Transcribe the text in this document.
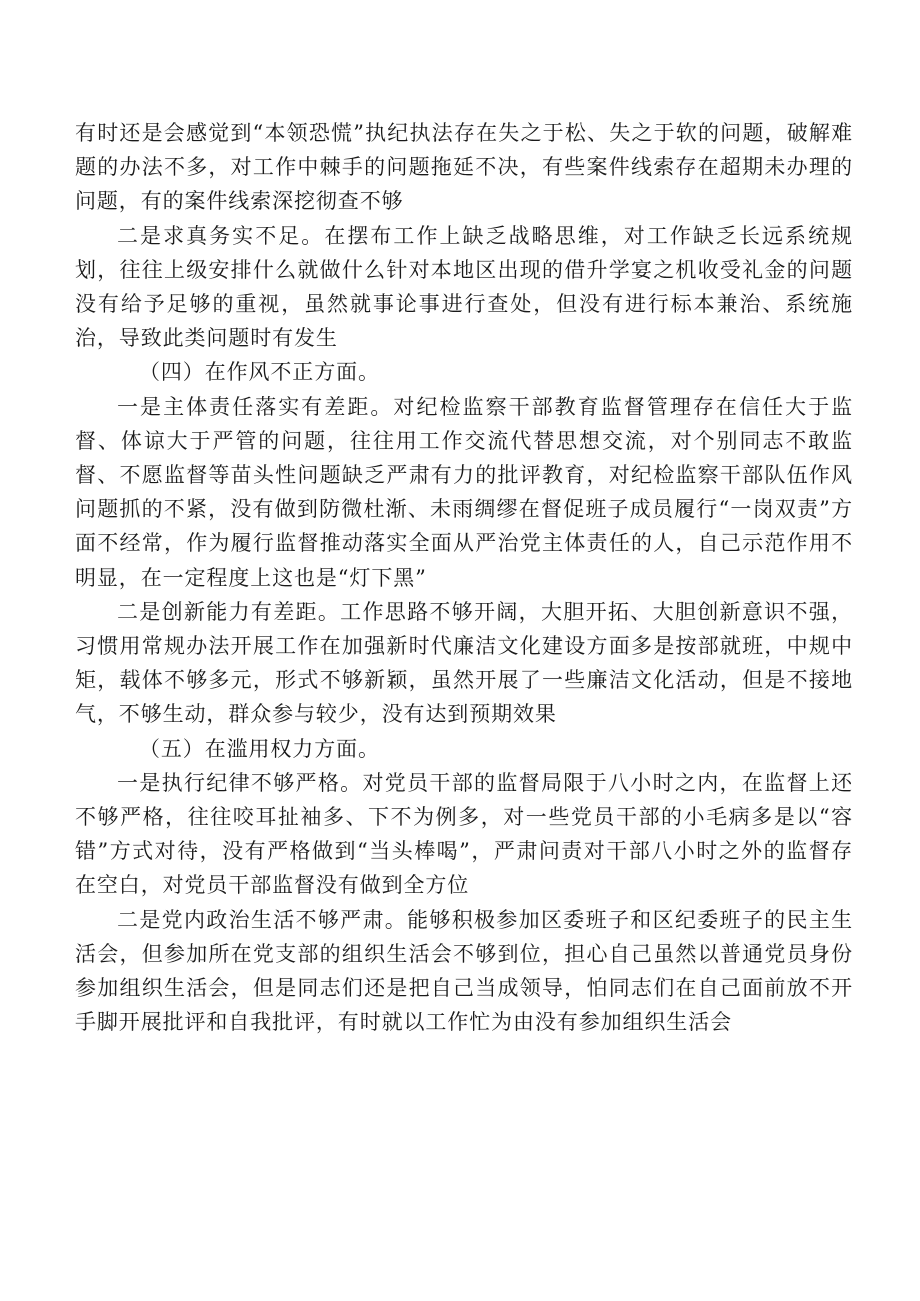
有时还是会感觉到“本领恐慌”执纪执法存在失之于松、失之于软的问题，破解难题的办法不多，对工作中棘手的问题拖延不决，有些案件线索存在超期未办理的问题，有的案件线索深挖彻查不够

二是求真务实不足。在摆布工作上缺乏战略思维，对工作缺乏长远系统规划，往往上级安排什么就做什么针对本地区出现的借升学宴之机收受礼金的问题没有给予足够的重视，虽然就事论事进行查处，但没有进行标本兼治、系统施治，导致此类问题时有发生

（四）在作风不正方面。

一是主体责任落实有差距。对纪检监察干部教育监督管理存在信任大于监督、体谅大于严管的问题，往往用工作交流代替思想交流，对个别同志不敢监督、不愿监督等苗头性问题缺乏严肃有力的批评教育，对纪检监察干部队伍作风问题抓的不紧，没有做到防微杜渐、未雨绸缪在督促班子成员履行“一岗双责”方面不经常，作为履行监督推动落实全面从严治党主体责任的人，自己示范作用不明显，在一定程度上这也是“灯下黑”

二是创新能力有差距。工作思路不够开阔，大胆开拓、大胆创新意识不强，习惯用常规办法开展工作在加强新时代廉洁文化建设方面多是按部就班，中规中矩，载体不够多元，形式不够新颖，虽然开展了一些廉洁文化活动，但是不接地气，不够生动，群众参与较少，没有达到预期效果

（五）在滥用权力方面。

一是执行纪律不够严格。对党员干部的监督局限于八小时之内，在监督上还不够严格，往往咬耳扯袖多、下不为例多，对一些党员干部的小毛病多是以“容错”方式对待，没有严格做到“当头棒喝”，严肃问责对干部八小时之外的监督存在空白，对党员干部监督没有做到全方位

二是党内政治生活不够严肃。能够积极参加区委班子和区纪委班子的民主生活会，但参加所在党支部的组织生活会不够到位，担心自己虽然以普通党员身份参加组织生活会，但是同志们还是把自己当成领导，怕同志们在自己面前放不开手脚开展批评和自我批评，有时就以工作忙为由没有参加组织生活会
